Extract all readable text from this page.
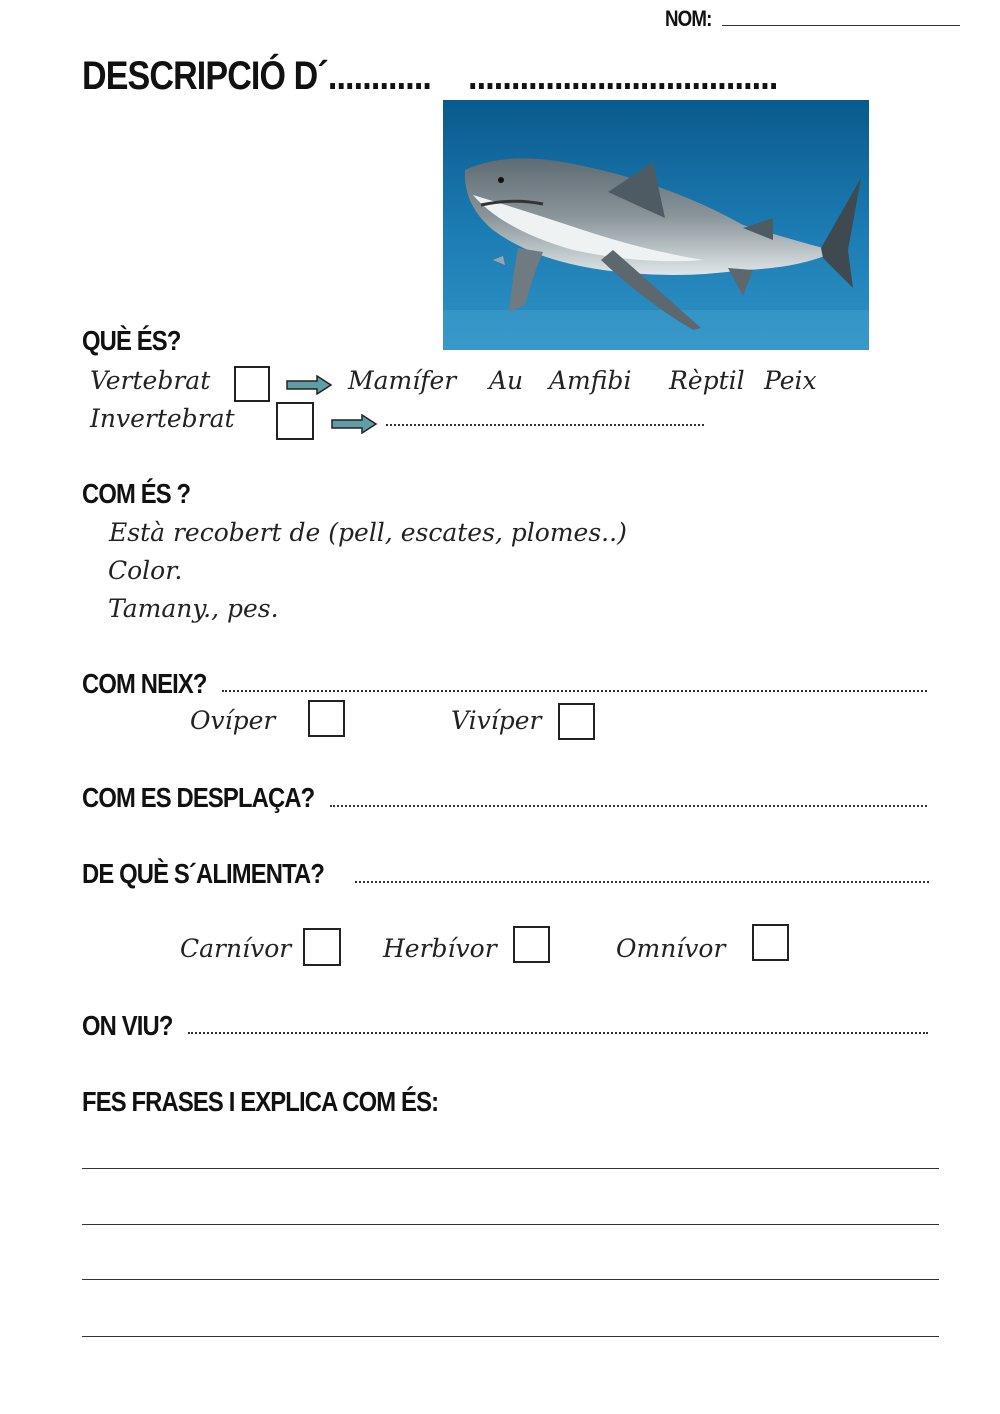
NOM:
DESCRIPCIÓ D´............ ....................................
QUÈ ÉS?
Vertebrat	Mamífer Au Amfibi Rèptil Peix
Invertebrat
COM ÉS ?
Està recobert de (pell, escates, plomes..)
Color.
Tamany., pes.
COM NEIX?
Ovíper	Vivíper
COM ES DESPLAÇA?
DE QUÈ S´ALIMENTA?
Carnívor	Herbívor	Omnívor
ON VIU?
FES FRASES I EXPLICA COM ÉS:
